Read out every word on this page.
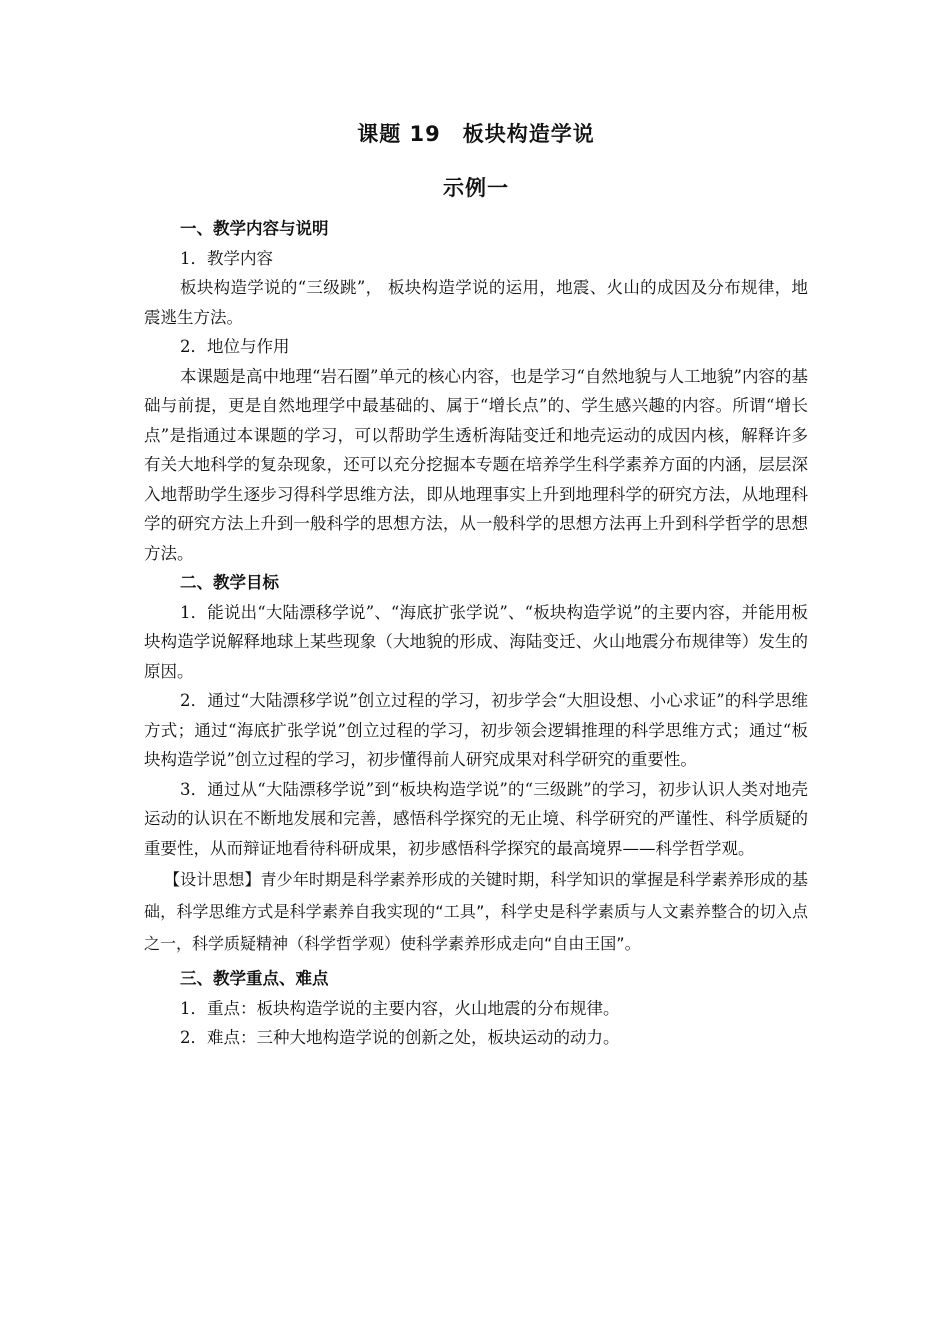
课题 19　板块构造学说
示例一

一、教学内容与说明

1．教学内容

板块构造学说的“三级跳”， 板块构造学说的运用，地震、火山的成因及分布规律，地震逃生方法。

2．地位与作用

本课题是高中地理“岩石圈”单元的核心内容，也是学习“自然地貌与人工地貌”内容的基础与前提，更是自然地理学中最基础的、属于“增长点”的、学生感兴趣的内容。所谓“增长点”是指通过本课题的学习，可以帮助学生透析海陆变迁和地壳运动的成因内核，解释许多有关大地科学的复杂现象，还可以充分挖掘本专题在培养学生科学素养方面的内涵，层层深入地帮助学生逐步习得科学思维方法，即从地理事实上升到地理科学的研究方法，从地理科学的研究方法上升到一般科学的思想方法，从一般科学的思想方法再上升到科学哲学的思想方法。

二、教学目标

1．能说出“大陆漂移学说”、“海底扩张学说”、“板块构造学说”的主要内容，并能用板块构造学说解释地球上某些现象（大地貌的形成、海陆变迁、火山地震分布规律等）发生的原因。

2．通过“大陆漂移学说”创立过程的学习，初步学会“大胆设想、小心求证”的科学思维方式；通过“海底扩张学说”创立过程的学习，初步领会逻辑推理的科学思维方式；通过“板块构造学说”创立过程的学习，初步懂得前人研究成果对科学研究的重要性。

3．通过从“大陆漂移学说”到“板块构造学说”的“三级跳”的学习，初步认识人类对地壳运动的认识在不断地发展和完善，感悟科学探究的无止境、科学研究的严谨性、科学质疑的重要性，从而辩证地看待科研成果，初步感悟科学探究的最高境界——科学哲学观。

【设计思想】青少年时期是科学素养形成的关键时期，科学知识的掌握是科学素养形成的基础，科学思维方式是科学素养自我实现的“工具”，科学史是科学素质与人文素养整合的切入点之一，科学质疑精神（科学哲学观）使科学素养形成走向“自由王国”。

三、教学重点、难点

1．重点：板块构造学说的主要内容，火山地震的分布规律。

2．难点：三种大地构造学说的创新之处，板块运动的动力。
